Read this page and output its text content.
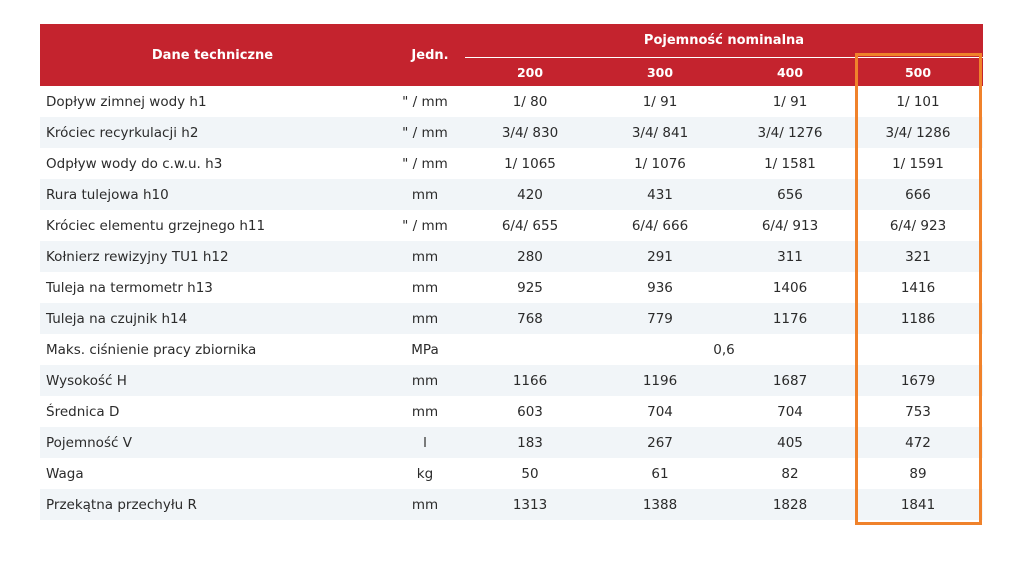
Dane techniczne	Jedn.
Pojemność nominalna
200	300	400	500
Dopływ zimnej wody h1	" / mm	1/ 80	1/ 91	1/ 91	1/ 101
Króciec recyrkulacji h2	" / mm	3/4/ 830	3/4/ 841	3/4/ 1276	3/4/ 1286
Odpływ wody do c.w.u. h3	" / mm	1/ 1065	1/ 1076	1/ 1581	1/ 1591
Rura tulejowa h10	mm	420	431	656	666
Króciec elementu grzejnego h11	" / mm	6/4/ 655	6/4/ 666	6/4/ 913	6/4/ 923
Kołnierz rewizyjny TU1 h12	mm	280	291	311	321
Tuleja na termometr h13	mm	925	936	1406	1416
Tuleja na czujnik h14	mm	768	779	1176	1186
Maks. ciśnienie pracy zbiornika	MPa	0,6
Wysokość H	mm	1166	1196	1687	1679
Średnica D	mm	603	704	704	753
Pojemność V	l	183	267	405	472
Waga	kg	50	61	82	89
Przekątna przechyłu R	mm	1313	1388	1828	1841
